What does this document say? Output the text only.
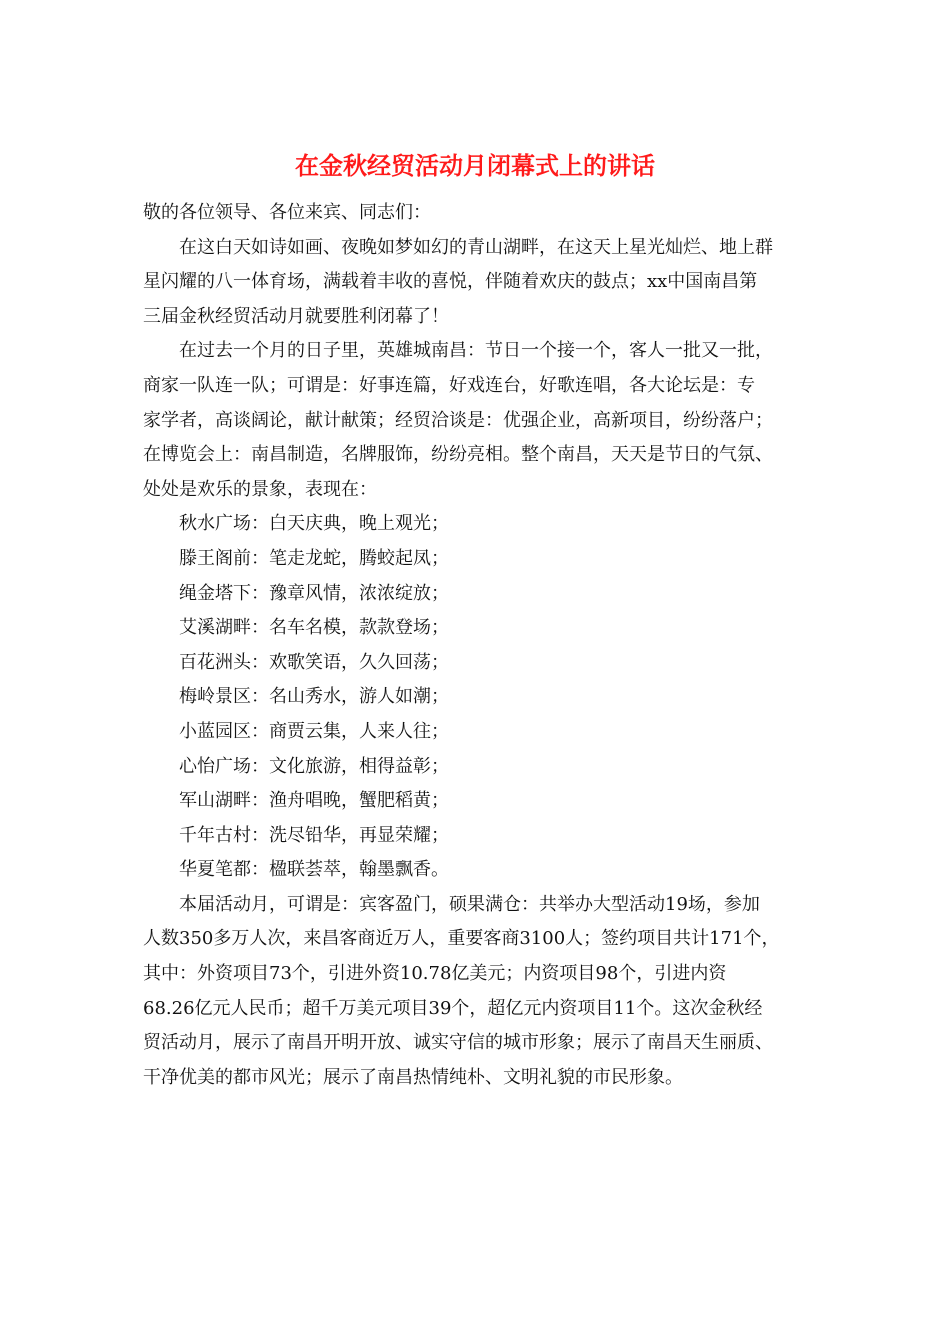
在金秋经贸活动月闭幕式上的讲话

敬的各位领导、各位来宾、同志们：

在这白天如诗如画、夜晚如梦如幻的青山湖畔，在这天上星光灿烂、地上群
星闪耀的八一体育场，满载着丰收的喜悦，伴随着欢庆的鼓点；xx中国南昌第
三届金秋经贸活动月就要胜利闭幕了！

在过去一个月的日子里，英雄城南昌：节日一个接一个，客人一批又一批，
商家一队连一队；可谓是：好事连篇，好戏连台，好歌连唱，各大论坛是：专
家学者，高谈阔论，献计献策；经贸洽谈是：优强企业，高新项目，纷纷落户；
在博览会上：南昌制造，名牌服饰，纷纷亮相。整个南昌，天天是节日的气氛、
处处是欢乐的景象，表现在：

秋水广场：白天庆典，晚上观光；

滕王阁前：笔走龙蛇，腾蛟起凤；

绳金塔下：豫章风情，浓浓绽放；

艾溪湖畔：名车名模，款款登场；

百花洲头：欢歌笑语，久久回荡；

梅岭景区：名山秀水，游人如潮；

小蓝园区：商贾云集，人来人往；

心怡广场：文化旅游，相得益彰；

军山湖畔：渔舟唱晚，蟹肥稻黄；

千年古村：洗尽铅华，再显荣耀；

华夏笔都：楹联荟萃，翰墨飘香。

本届活动月，可谓是：宾客盈门，硕果满仓：共举办大型活动19场，参加
人数350多万人次，来昌客商近万人，重要客商3100人；签约项目共计171个，
其中：外资项目73个，引进外资10.78亿美元；内资项目98个，引进内资
68.26亿元人民币；超千万美元项目39个，超亿元内资项目11个。这次金秋经
贸活动月，展示了南昌开明开放、诚实守信的城市形象；展示了南昌天生丽质、
干净优美的都市风光；展示了南昌热情纯朴、文明礼貌的市民形象。
